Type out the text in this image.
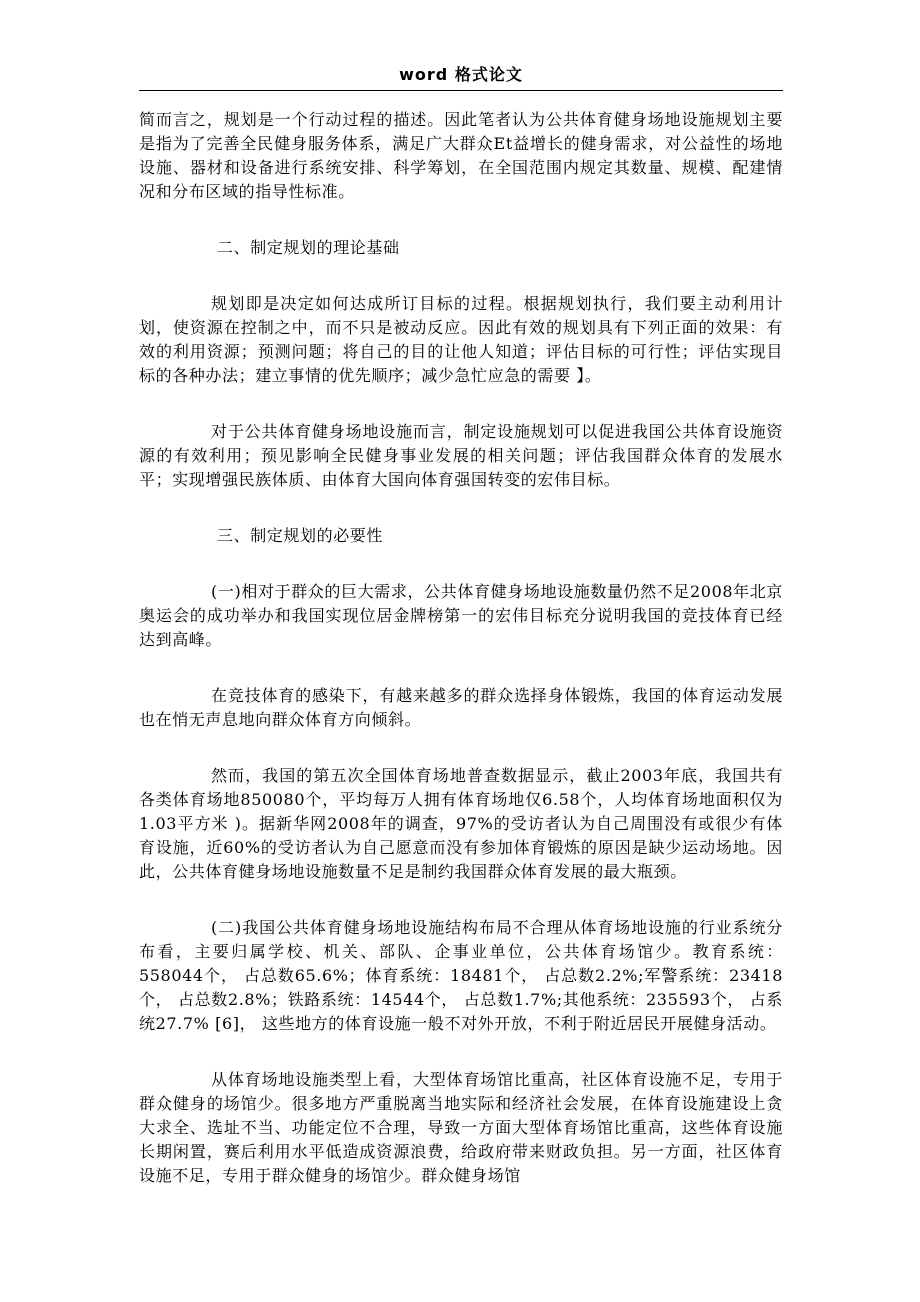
word 格式论文

简而言之，规划是一个行动过程的描述。因此笔者认为公共体育健身场地设施规划主要是指为了完善全民健身服务体系，满足广大群众Et益增长的健身需求，对公益性的场地设施、器材和设备进行系统安排、科学筹划，在全国范围内规定其数量、规模、配建情况和分布区域的指导性标准。

二、制定规划的理论基础

规划即是决定如何达成所订目标的过程。根据规划执行，我们要主动利用计划，使资源在控制之中，而不只是被动反应。因此有效的规划具有下列正面的效果：有效的利用资源；预测问题；将自己的目的让他人知道；评估目标的可行性；评估实现目标的各种办法；建立事情的优先顺序；减少急忙应急的需要 】。

对于公共体育健身场地设施而言，制定设施规划可以促进我国公共体育设施资源的有效利用；预见影响全民健身事业发展的相关问题；评估我国群众体育的发展水平；实现增强民族体质、由体育大国向体育强国转变的宏伟目标。

三、制定规划的必要性

(一)相对于群众的巨大需求，公共体育健身场地设施数量仍然不足2008年北京奥运会的成功举办和我国实现位居金牌榜第一的宏伟目标充分说明我国的竞技体育已经达到高峰。

在竞技体育的感染下，有越来越多的群众选择身体锻炼，我国的体育运动发展也在悄无声息地向群众体育方向倾斜。

然而，我国的第五次全国体育场地普查数据显示，截止2003年底，我国共有各类体育场地850080个，平均每万人拥有体育场地仅6.58个，人均体育场地面积仅为1.03平方米 )。据新华网2008年的调查，97%的受访者认为自己周围没有或很少有体育设施，近60%的受访者认为自己愿意而没有参加体育锻炼的原因是缺少运动场地。因此，公共体育健身场地设施数量不足是制约我国群众体育发展的最大瓶颈。

(二)我国公共体育健身场地设施结构布局不合理从体育场地设施的行业系统分布看，主要归属学校、机关、部队、企事业单位，公共体育场馆少。教育系统：558044个， 占总数65.6%；体育系统：18481个， 占总数2.2%;军警系统：23418个， 占总数2.8%；铁路系统：14544个， 占总数1.7%;其他系统：235593个， 占系统27.7% [6]， 这些地方的体育设施一般不对外开放，不利于附近居民开展健身活动。

从体育场地设施类型上看，大型体育场馆比重高，社区体育设施不足，专用于群众健身的场馆少。很多地方严重脱离当地实际和经济社会发展，在体育设施建设上贪大求全、选址不当、功能定位不合理，导致一方面大型体育场馆比重高，这些体育设施长期闲置，赛后利用水平低造成资源浪费，给政府带来财政负担。另一方面，社区体育设施不足，专用于群众健身的场馆少。群众健身场馆
